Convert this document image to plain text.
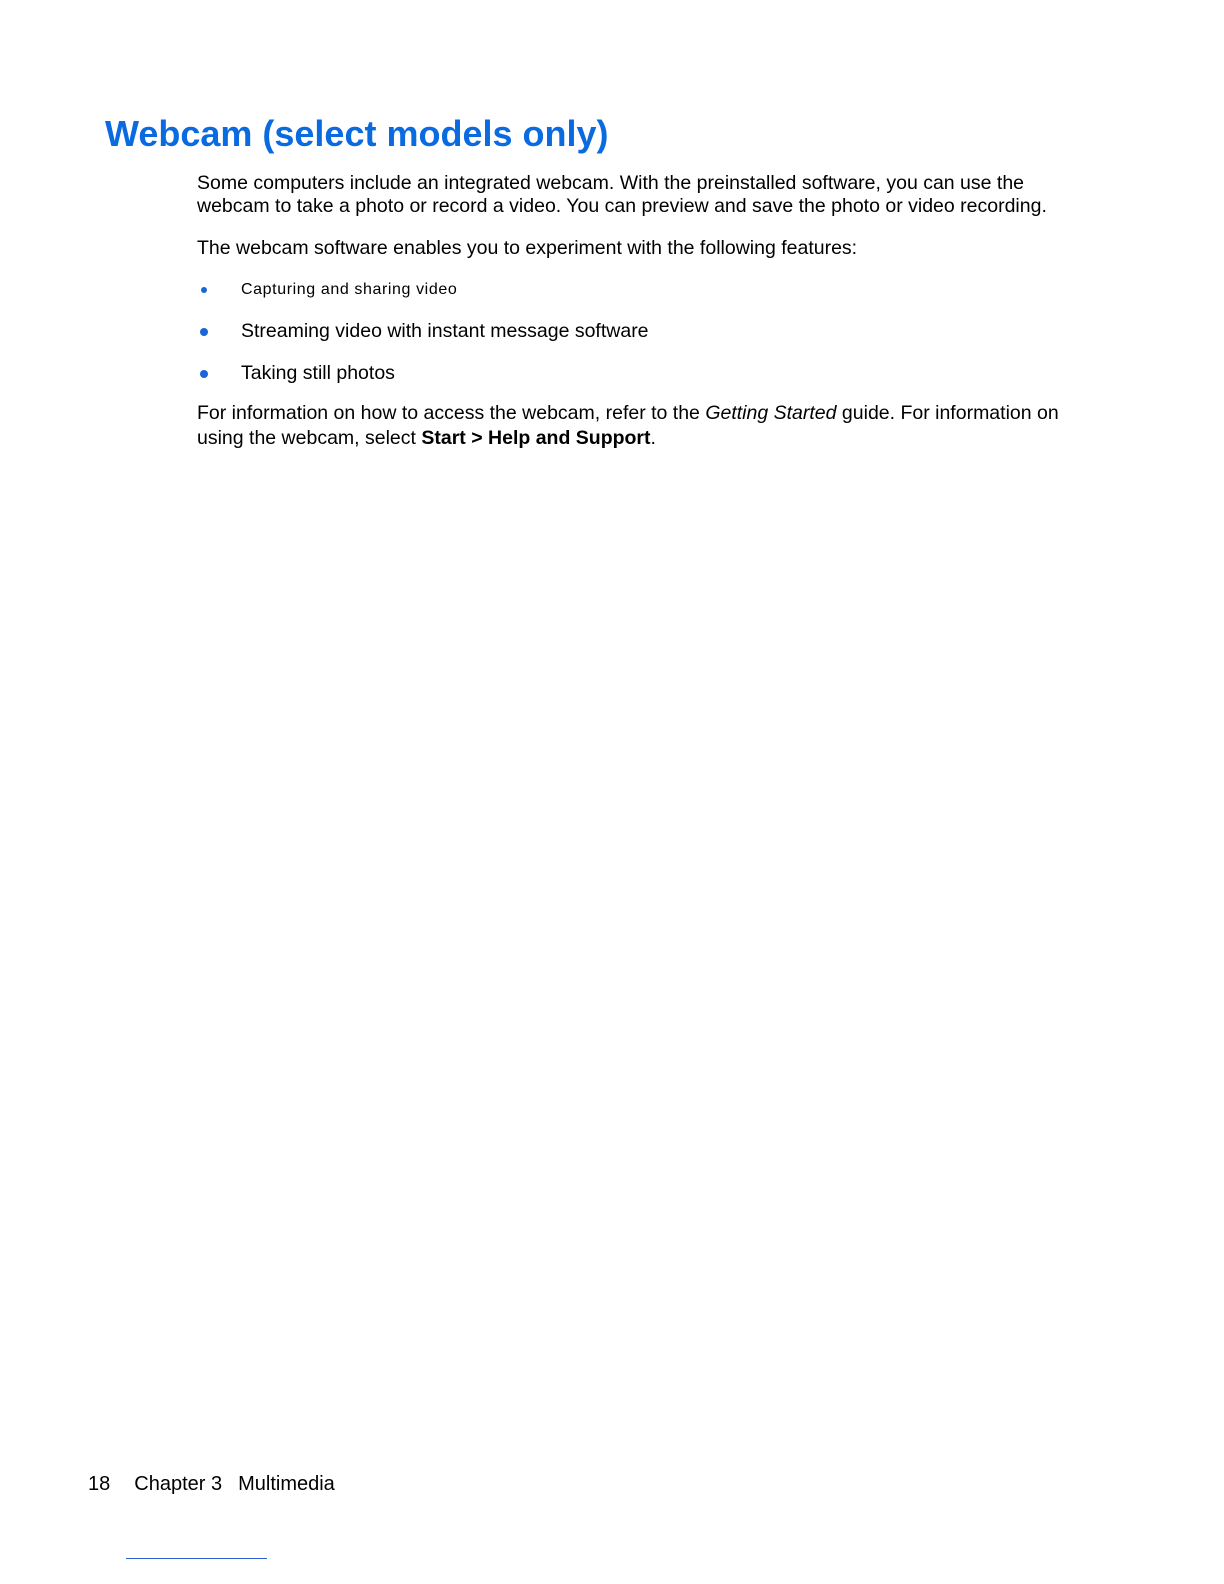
Webcam (select models only)

Some computers include an integrated webcam. With the preinstalled software, you can use the webcam to take a photo or record a video. You can preview and save the photo or video recording.

The webcam software enables you to experiment with the following features:

Capturing and sharing video
Streaming video with instant message software
Taking still photos

For information on how to access the webcam, refer to the Getting Started guide. For information on using the webcam, select Start > Help and Support.

18 Chapter 3 Multimedia
